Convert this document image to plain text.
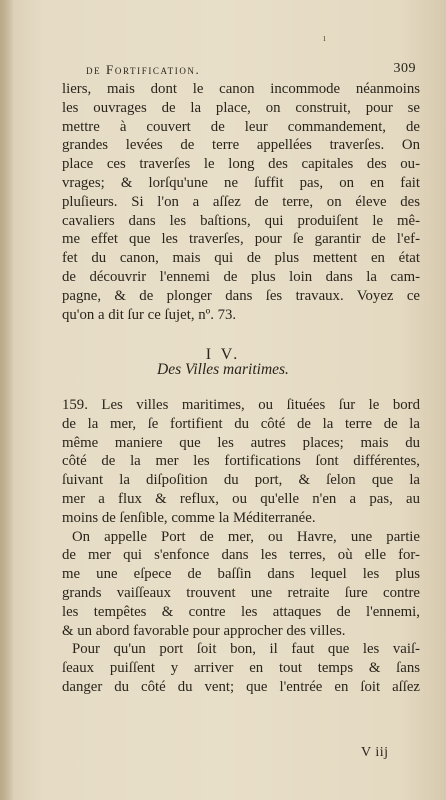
ı
de Fortification.	309
liers, mais dont le canon incommode néanmoins
les ouvrages de la place, on construit, pour se
mettre à couvert de leur commandement, de
grandes levées de terre appellées traverſes. On
place ces traverſes le long des capitales des ou-
vrages; & lorſqu'une ne ſuffit pas, on en fait
pluſieurs. Si l'on a aſſez de terre, on éleve des
cavaliers dans les baſtions, qui produiſent le mê-
me effet que les traverſes, pour ſe garantir de l'ef-
fet du canon, mais qui de plus mettent en état
de découvrir l'ennemi de plus loin dans la cam-
pagne, & de plonger dans ſes travaux. Voyez ce
qu'on a dit ſur ce ſujet, nº. 73.
I V.
Des Villes maritimes.
159. Les villes maritimes, ou ſituées ſur le bord
de la mer, ſe fortifient du côté de la terre de la
même maniere que les autres places; mais du
côté de la mer les fortifications ſont différentes,
ſuivant la diſpoſition du port, & ſelon que la
mer a flux & reflux, ou qu'elle n'en a pas, au
moins de ſenſible, comme la Méditerranée.
On appelle Port de mer, ou Havre, une partie
de mer qui s'enfonce dans les terres, où elle for-
me une eſpece de baſſin dans lequel les plus
grands vaiſſeaux trouvent une retraite ſure contre
les tempêtes & contre les attaques de l'ennemi,
& un abord favorable pour approcher des villes.
Pour qu'un port ſoit bon, il faut que les vaiſ-
ſeaux puiſſent y arriver en tout temps & ſans
danger du côté du vent; que l'entrée en ſoit aſſez
V iij
